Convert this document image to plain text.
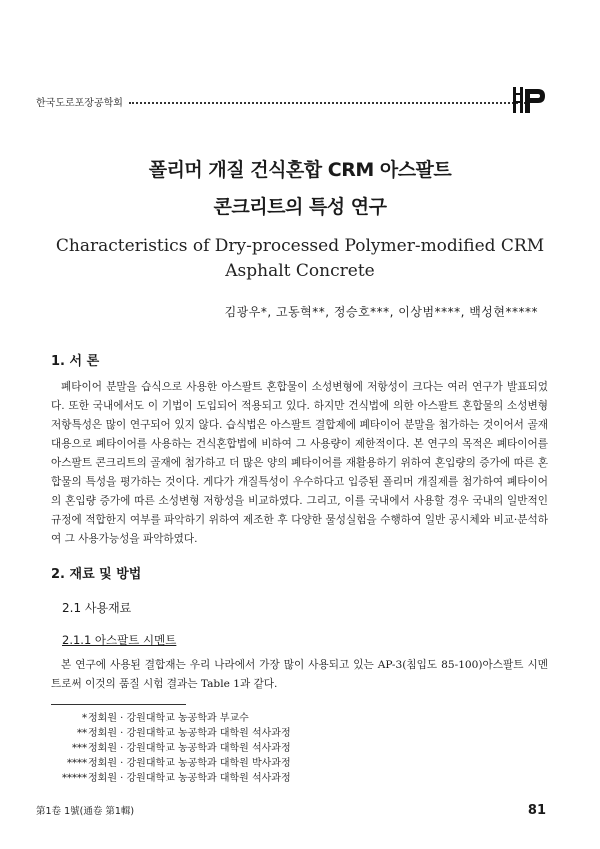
한국도로포장공학회
폴리머 개질 건식혼합 CRM 아스팔트
콘크리트의 특성 연구
Characteristics of Dry-processed Polymer-modified CRM
Asphalt Concrete
김광우*, 고동혁**, 정승호***, 이상범****, 백성현*****
1. 서 론

폐타이어 분말을 습식으로 사용한 아스팔트 혼합물이 소성변형에 저항성이 크다는 여러 연구가 발표되었다. 또한 국내에서도 이 기법이 도입되어 적용되고 있다. 하지만 건식법에 의한 아스팔트 혼합물의 소성변형 저항특성은 많이 연구되어 있지 않다. 습식법은 아스팔트 결합제에 폐타이어 분말을 첨가하는 것이어서 골재 대용으로 폐타이어를 사용하는 건식혼합법에 비하여 그 사용량이 제한적이다. 본 연구의 목적은 폐타이어를 아스팔트 콘크리트의 골재에 첨가하고 더 많은 양의 폐타이어를 재활용하기 위하여 혼입량의 증가에 따른 혼합물의 특성을 평가하는 것이다. 게다가 개질특성이 우수하다고 입증된 폴리머 개질제를 첨가하여 폐타이어의 혼입량 증가에 따른 소성변형 저항성을 비교하였다. 그리고, 이를 국내에서 사용할 경우 국내의 일반적인 규정에 적합한지 여부를 파악하기 위하여 제조한 후 다양한 물성실험을 수행하여 일반 공시체와 비교·분석하여 그 사용가능성을 파악하였다.

2. 재료 및 방법
2.1 사용재료
2.1.1 아스팔트 시멘트

본 연구에 사용된 결합재는 우리 나라에서 가장 많이 사용되고 있는 AP-3(침입도 85-100)아스팔트 시멘트로써 이것의 품질 시험 결과는 Table 1과 같다.

*정회원 · 강원대학교 농공학과 부교수
**정회원 · 강원대학교 농공학과 대학원 석사과정
***정회원 · 강원대학교 농공학과 대학원 석사과정
****정회원 · 강원대학교 농공학과 대학원 박사과정
*****정회원 · 강원대학교 농공학과 대학원 석사과정
第1卷 1號(通卷 第1輯)	81
